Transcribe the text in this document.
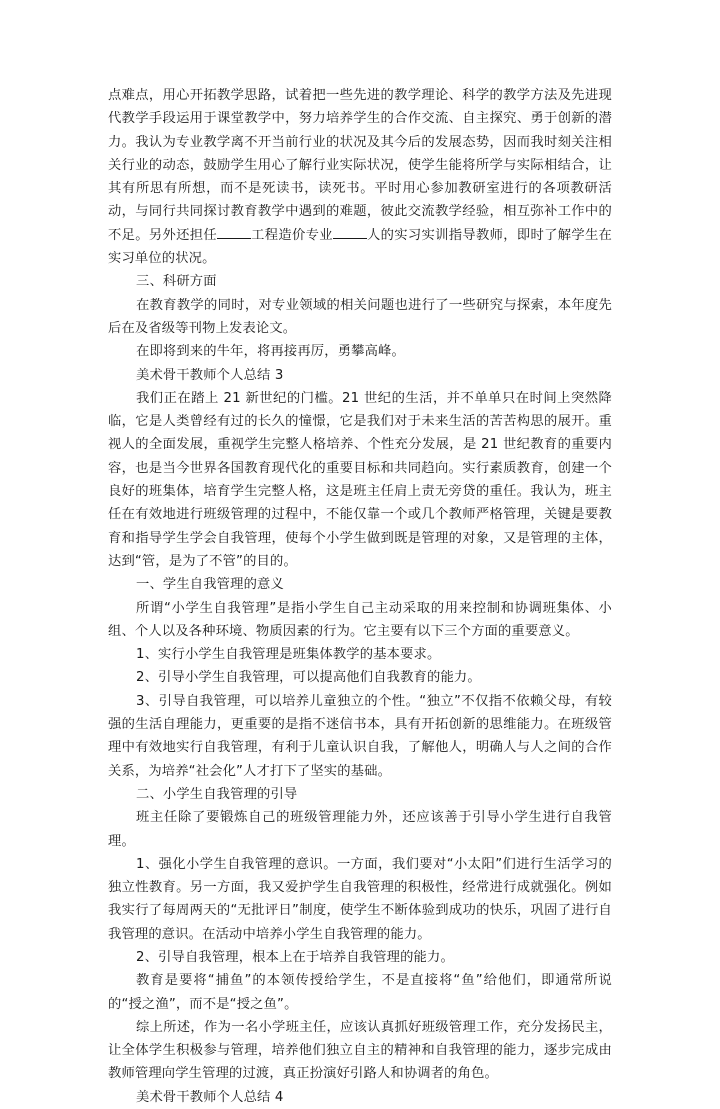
点难点，用心开拓教学思路，试着把一些先进的教学理论、科学的教学方法及先进现代教学手段运用于课堂教学中，努力培养学生的合作交流、自主探究、勇于创新的潜力。我认为专业教学离不开当前行业的状况及其今后的发展态势，因而我时刻关注相关行业的动态，鼓励学生用心了解行业实际状况，使学生能将所学与实际相结合，让其有所思有所想，而不是死读书，读死书。平时用心参加教研室进行的各项教研活动，与同行共同探讨教育教学中遇到的难题，彼此交流教学经验，相互弥补工作中的不足。另外还担任	工程造价专业	人的实习实训指导教师，即时了解学生在实习单位的状况。

三、科研方面

在教育教学的同时，对专业领域的相关问题也进行了一些研究与探索，本年度先后在及省级等刊物上发表论文。

在即将到来的牛年，将再接再厉，勇攀高峰。

美术骨干教师个人总结 3

我们正在踏上 21 新世纪的门槛。21 世纪的生活，并不单单只在时间上突然降临，它是人类曾经有过的长久的憧憬，它是我们对于未来生活的苦苦构思的展开。重视人的全面发展，重视学生完整人格培养、个性充分发展，是 21 世纪教育的重要内容，也是当今世界各国教育现代化的重要目标和共同趋向。实行素质教育，创建一个良好的班集体，培育学生完整人格，这是班主任肩上责无旁贷的重任。我认为，班主任在有效地进行班级管理的过程中，不能仅靠一个或几个教师严格管理，关键是要教育和指导学生学会自我管理，使每个小学生做到既是管理的对象，又是管理的主体，达到“管，是为了不管”的目的。

一、学生自我管理的意义

所谓“小学生自我管理”是指小学生自己主动采取的用来控制和协调班集体、小组、个人以及各种环境、物质因素的行为。它主要有以下三个方面的重要意义。

1、实行小学生自我管理是班集体教学的基本要求。

2、引导小学生自我管理，可以提高他们自我教育的能力。

3、引导自我管理，可以培养儿童独立的个性。“独立”不仅指不依赖父母，有较强的生活自理能力，更重要的是指不迷信书本，具有开拓创新的思维能力。在班级管理中有效地实行自我管理，有利于儿童认识自我，了解他人，明确人与人之间的合作关系，为培养“社会化”人才打下了坚实的基础。

二、小学生自我管理的引导

班主任除了要锻炼自己的班级管理能力外，还应该善于引导小学生进行自我管理。

1、强化小学生自我管理的意识。一方面，我们要对“小太阳”们进行生活学习的独立性教育。另一方面，我又爱护学生自我管理的积极性，经常进行成就强化。例如我实行了每周两天的“无批评日”制度，使学生不断体验到成功的快乐，巩固了进行自我管理的意识。在活动中培养小学生自我管理的能力。

2、引导自我管理，根本上在于培养自我管理的能力。

教育是要将“捕鱼”的本领传授给学生，不是直接将“鱼”给他们，即通常所说的“授之渔”，而不是“授之鱼”。

综上所述，作为一名小学班主任，应该认真抓好班级管理工作，充分发扬民主，让全体学生积极参与管理，培养他们独立自主的精神和自我管理的能力，逐步完成由教师管理向学生管理的过渡，真正扮演好引路人和协调者的角色。

美术骨干教师个人总结 4
